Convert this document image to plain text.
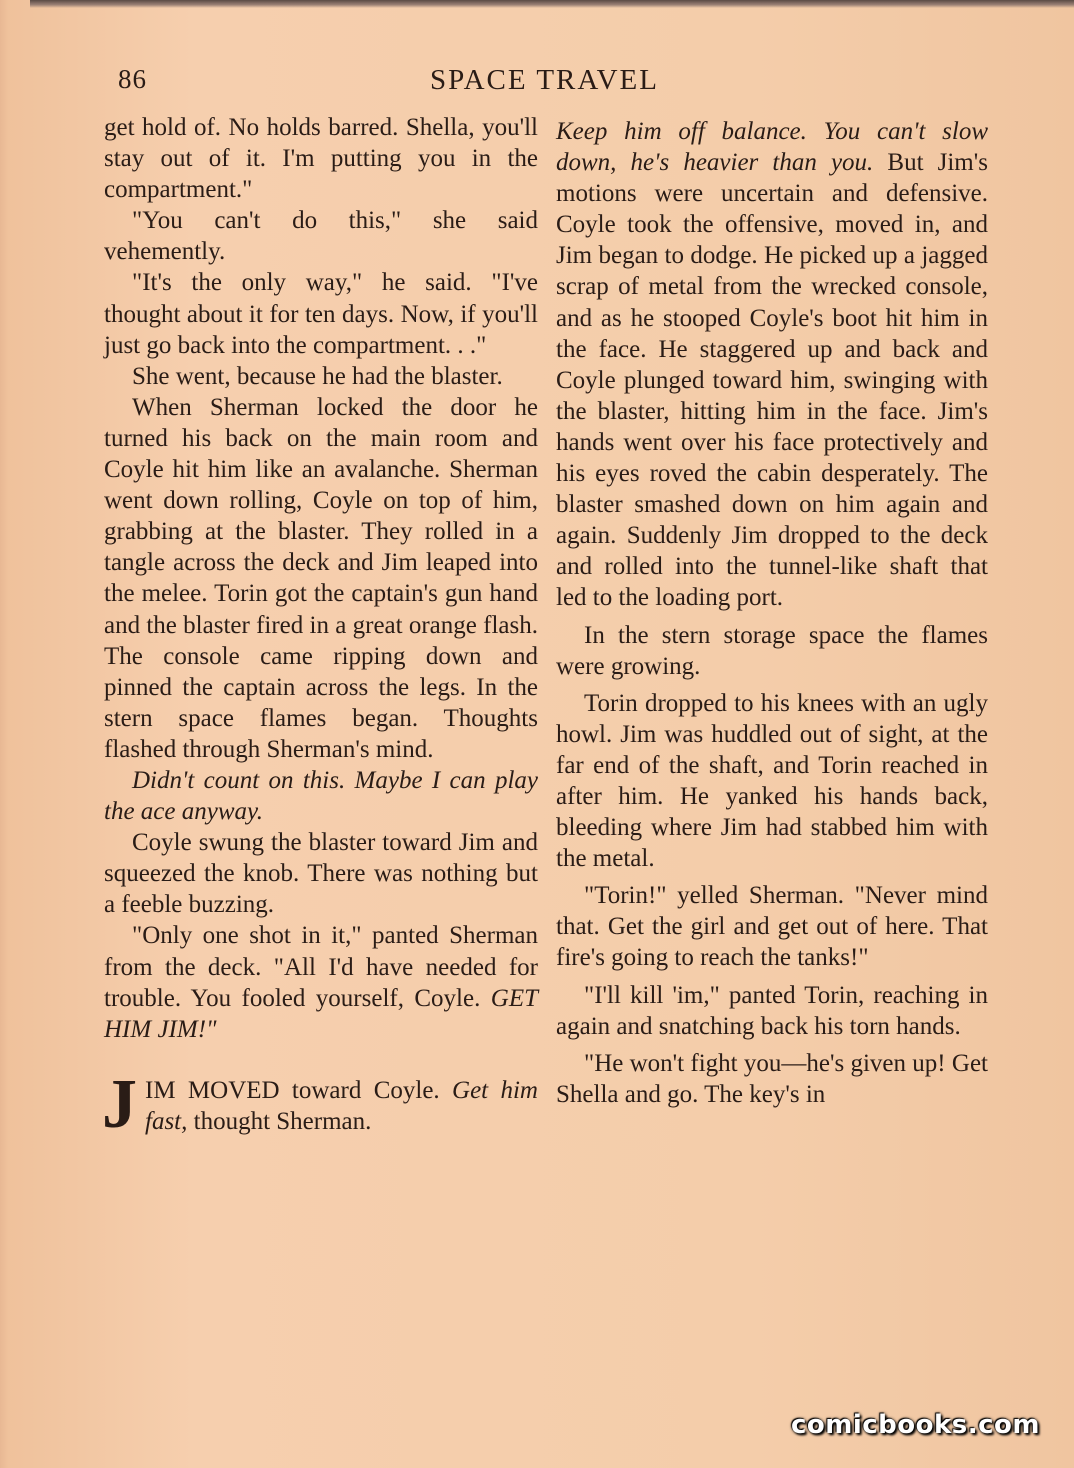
86	SPACE TRAVEL

get hold of. No holds barred. Shella, you'll stay out of it. I'm putting you in the compartment."

"You can't do this," she said vehemently.

"It's the only way," he said. "I've thought about it for ten days. Now, if you'll just go back into the compartment. . ."

She went, because he had the blaster.

When Sherman locked the door he turned his back on the main room and Coyle hit him like an avalanche. Sherman went down rolling, Coyle on top of him, grabbing at the blaster. They rolled in a tangle across the deck and Jim leaped into the melee. Torin got the captain's gun hand and the blaster fired in a great orange flash. The console came ripping down and pinned the captain across the legs. In the stern space flames began. Thoughts flashed through Sherman's mind.

Didn't count on this. Maybe I can play the ace anyway.

Coyle swung the blaster toward Jim and squeezed the knob. There was nothing but a feeble buzzing.

"Only one shot in it," panted Sherman from the deck. "All I'd have needed for trouble. You fooled yourself, Coyle. GET HIM JIM!"

JIM MOVED toward Coyle. Get him fast, thought Sherman.

Keep him off balance. You can't slow down, he's heavier than you. But Jim's motions were uncertain and defensive. Coyle took the offensive, moved in, and Jim began to dodge. He picked up a jagged scrap of metal from the wrecked console, and as he stooped Coyle's boot hit him in the face. He staggered up and back and Coyle plunged toward him, swinging with the blaster, hitting him in the face. Jim's hands went over his face protectively and his eyes roved the cabin desperately. The blaster smashed down on him again and again. Suddenly Jim dropped to the deck and rolled into the tunnel-like shaft that led to the loading port.

In the stern storage space the flames were growing.

Torin dropped to his knees with an ugly howl. Jim was huddled out of sight, at the far end of the shaft, and Torin reached in after him. He yanked his hands back, bleeding where Jim had stabbed him with the metal.

"Torin!" yelled Sherman. "Never mind that. Get the girl and get out of here. That fire's going to reach the tanks!"

"I'll kill 'im," panted Torin, reaching in again and snatching back his torn hands.

"He won't fight you—he's given up! Get Shella and go. The key's in

comicbooks.com
